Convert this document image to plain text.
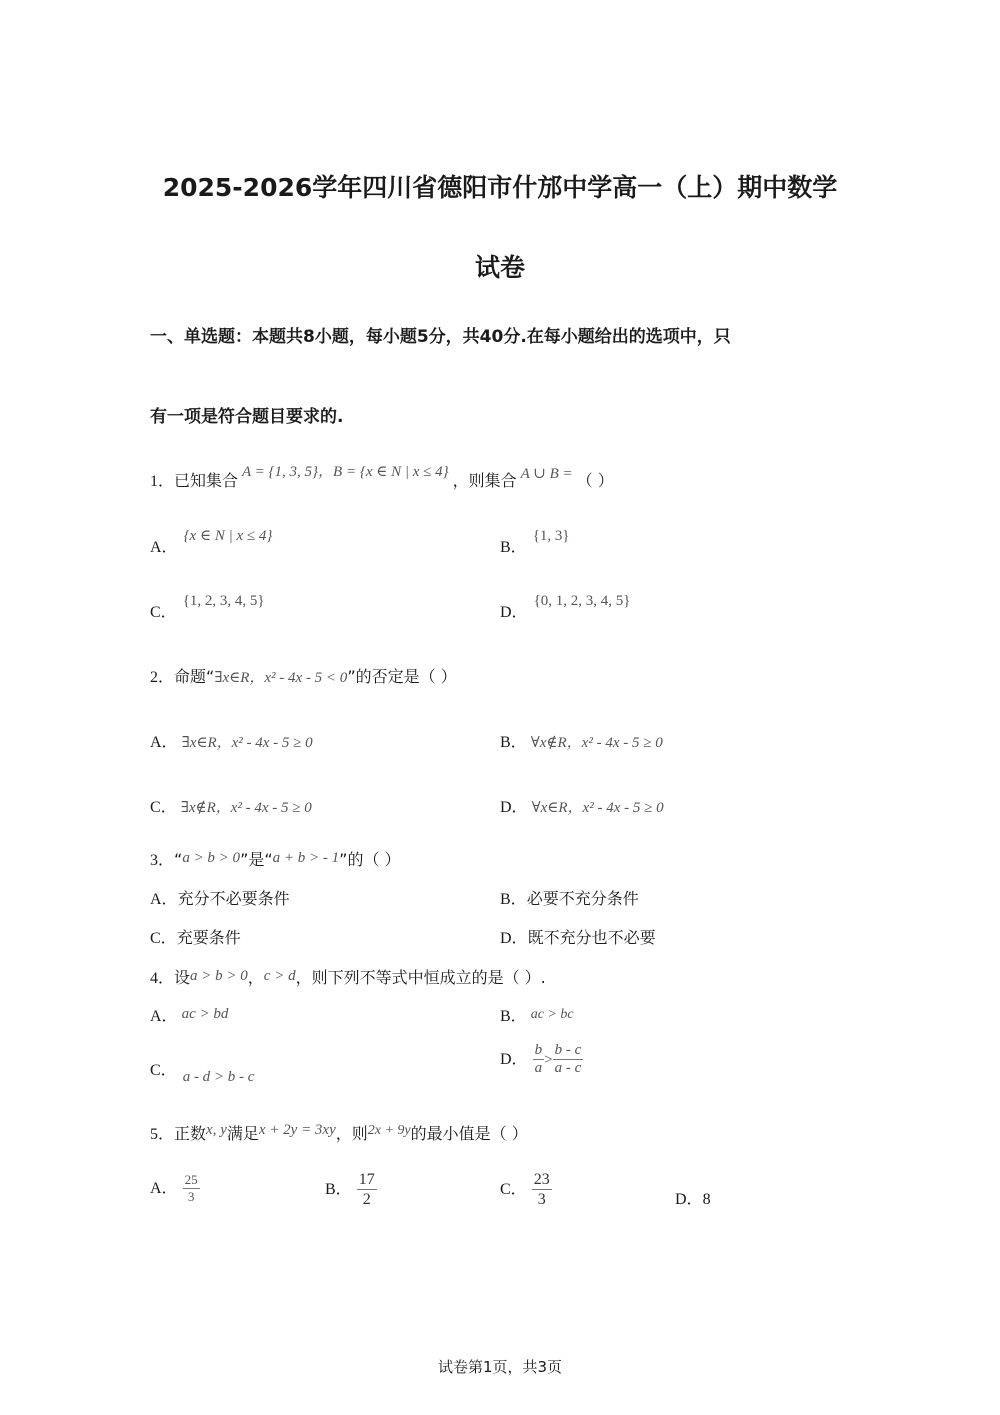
2025-2026学年四川省德阳市什邡中学高一（上）期中数学
试卷
一、单选题：本题共8小题，每小题5分，共40分.在每小题给出的选项中，只
有一项是符合题目要求的.
1．已知集合 A = {1, 3, 5}，B = {x ∈ N | x ≤ 4} ，则集合 A ∪ B = （ ）
A．{x ∈ N | x ≤ 4}
B．{1, 3}
C．{1, 2, 3, 4, 5}
D．{0, 1, 2, 3, 4, 5}
2．命题“∃x∈R，x² - 4x - 5 < 0”的否定是（ ）
A． ∃x∈R，x² - 4x - 5 ≥ 0	B． ∀x∉R，x² - 4x - 5 ≥ 0
C． ∃x∉R，x² - 4x - 5 ≥ 0	D． ∀x∈R，x² - 4x - 5 ≥ 0
3．“a > b > 0”是“a + b > - 1”的（ ）
A．充分不必要条件	B．必要不充分条件
C．充要条件	D．既不充分也不必要
4．设a > b > 0，c > d，则下列不等式中恒成立的是（ ）.
A． ac > bd	B． ac > bc
C． a - d > b - c
D． $\frac{b}{a} > \frac{b - c}{a - c}$
5．正数x, y满足x + 2y = 3xy，则2x + 9y的最小值是（ ）
A． $\frac{25}{3}$	B． $\frac{17}{2}$	C． $\frac{23}{3}$	D．8
试卷第1页，共3页
